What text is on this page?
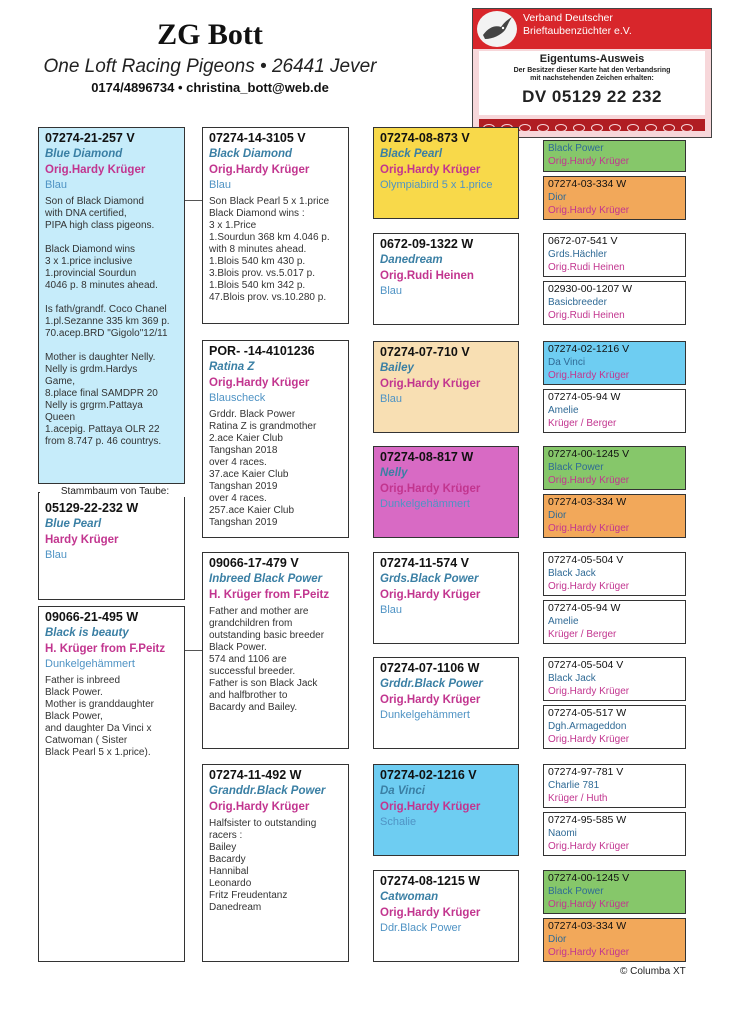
ZG Bott
One Loft Racing Pigeons • 26441 Jever
0174/4896734 • christina_bott@web.de
Verband Deutscher
Brieftaubenzüchter e.V.
Eigentums-Ausweis
Der Besitzer dieser Karte hat den Verbandsring
mit nachstehenden Zeichen erhalten:
DV 05129 22 232
07274-21-257 V
Blue Diamond
Orig.Hardy Krüger
Blau
Son of Black Diamond
with DNA certified,
PIPA high class pigeons.

Black Diamond wins
3 x 1.price inclusive
1.provincial Sourdun
4046 p. 8 minutes ahead.

Is fath/grandf. Coco Chanel
1.pl.Sezanne 335 km 369 p.
70.acep.BRD "Gigolo"12/11

Mother is daughter Nelly.
Nelly is grdm.Hardys
Game,
8.place final SAMDPR 20
Nelly is grgrm.Pattaya
Queen
1.acepig. Pattaya OLR 22
from 8.747 p. 46 countrys.
05129-22-232 W
Blue Pearl
Hardy Krüger
Blau
Stammbaum von Taube:
09066-21-495 W
Black is beauty
H. Krüger from F.Peitz
Dunkelgehämmert
Father is inbreed
Black Power.
Mother is granddaughter
Black Power,
and daughter Da Vinci x
Catwoman ( Sister
Black Pearl 5 x 1.price).
07274-14-3105 V
Black Diamond
Orig.Hardy Krüger
Blau
Son Black Pearl 5 x 1.price
Black Diamond wins :
3 x 1.Price
1.Sourdun 368 km 4.046 p.
with 8 minutes ahead.
1.Blois 540 km 430 p.
3.Blois prov. vs.5.017 p.
1.Blois 540 km 342 p.
47.Blois prov. vs.10.280 p.
POR- -14-4101236
Ratina Z
Orig.Hardy Krüger
Blauscheck
Grddr. Black Power
Ratina Z is grandmother
2.ace Kaier Club
Tangshan 2018
over 4 races.
37.ace Kaier Club
Tangshan 2019
over 4 races.
257.ace Kaier Club
Tangshan 2019
09066-17-479 V
Inbreed Black Power
H. Krüger from F.Peitz
Father and mother are
grandchildren from
outstanding basic breeder
Black Power.
574 and 1106 are
successful breeder.
Father is son Black Jack
and halfbrother to
Bacardy and Bailey.
07274-11-492 W
Granddr.Black Power
Orig.Hardy Krüger
Halfsister to outstanding
racers :
Bailey
Bacardy
Hannibal
Leonardo
Fritz Freudentanz
Danedream
07274-08-873 V
Black Pearl
Orig.Hardy Krüger
Olympiabird 5 x 1.price
0672-09-1322 W
Danedream
Orig.Rudi Heinen
Blau
07274-07-710 V
Bailey
Orig.Hardy Krüger
Blau
07274-08-817 W
Nelly
Orig.Hardy Krüger
Dunkelgehämmert
07274-11-574 V
Grds.Black Power
Orig.Hardy Krüger
Blau
07274-07-1106 W
Grddr.Black Power
Orig.Hardy Krüger
Dunkelgehämmert
07274-02-1216 V
Da Vinci
Orig.Hardy Krüger
Schalie
07274-08-1215 W
Catwoman
Orig.Hardy Krüger
Ddr.Black Power
Black Power
Orig.Hardy Krüger
07274-03-334 W
Dior
Orig.Hardy Krüger
0672-07-541 V
Grds.Hächler
Orig.Rudi Heinen
02930-00-1207 W
Basicbreeder
Orig.Rudi Heinen
07274-02-1216 V
Da Vinci
Orig.Hardy Krüger
07274-05-94 W
Amelie
Krüger / Berger
07274-00-1245 V
Black Power
Orig.Hardy Krüger
07274-03-334 W
Dior
Orig.Hardy Krüger
07274-05-504 V
Black Jack
Orig.Hardy Krüger
07274-05-94 W
Amelie
Krüger / Berger
07274-05-504 V
Black Jack
Orig.Hardy Krüger
07274-05-517 W
Dgh.Armageddon
Orig.Hardy Krüger
07274-97-781 V
Charlie 781
Krüger / Huth
07274-95-585 W
Naomi
Orig.Hardy Krüger
07274-00-1245 V
Black Power
Orig.Hardy Krüger
07274-03-334 W
Dior
Orig.Hardy Krüger
© Columba XT
